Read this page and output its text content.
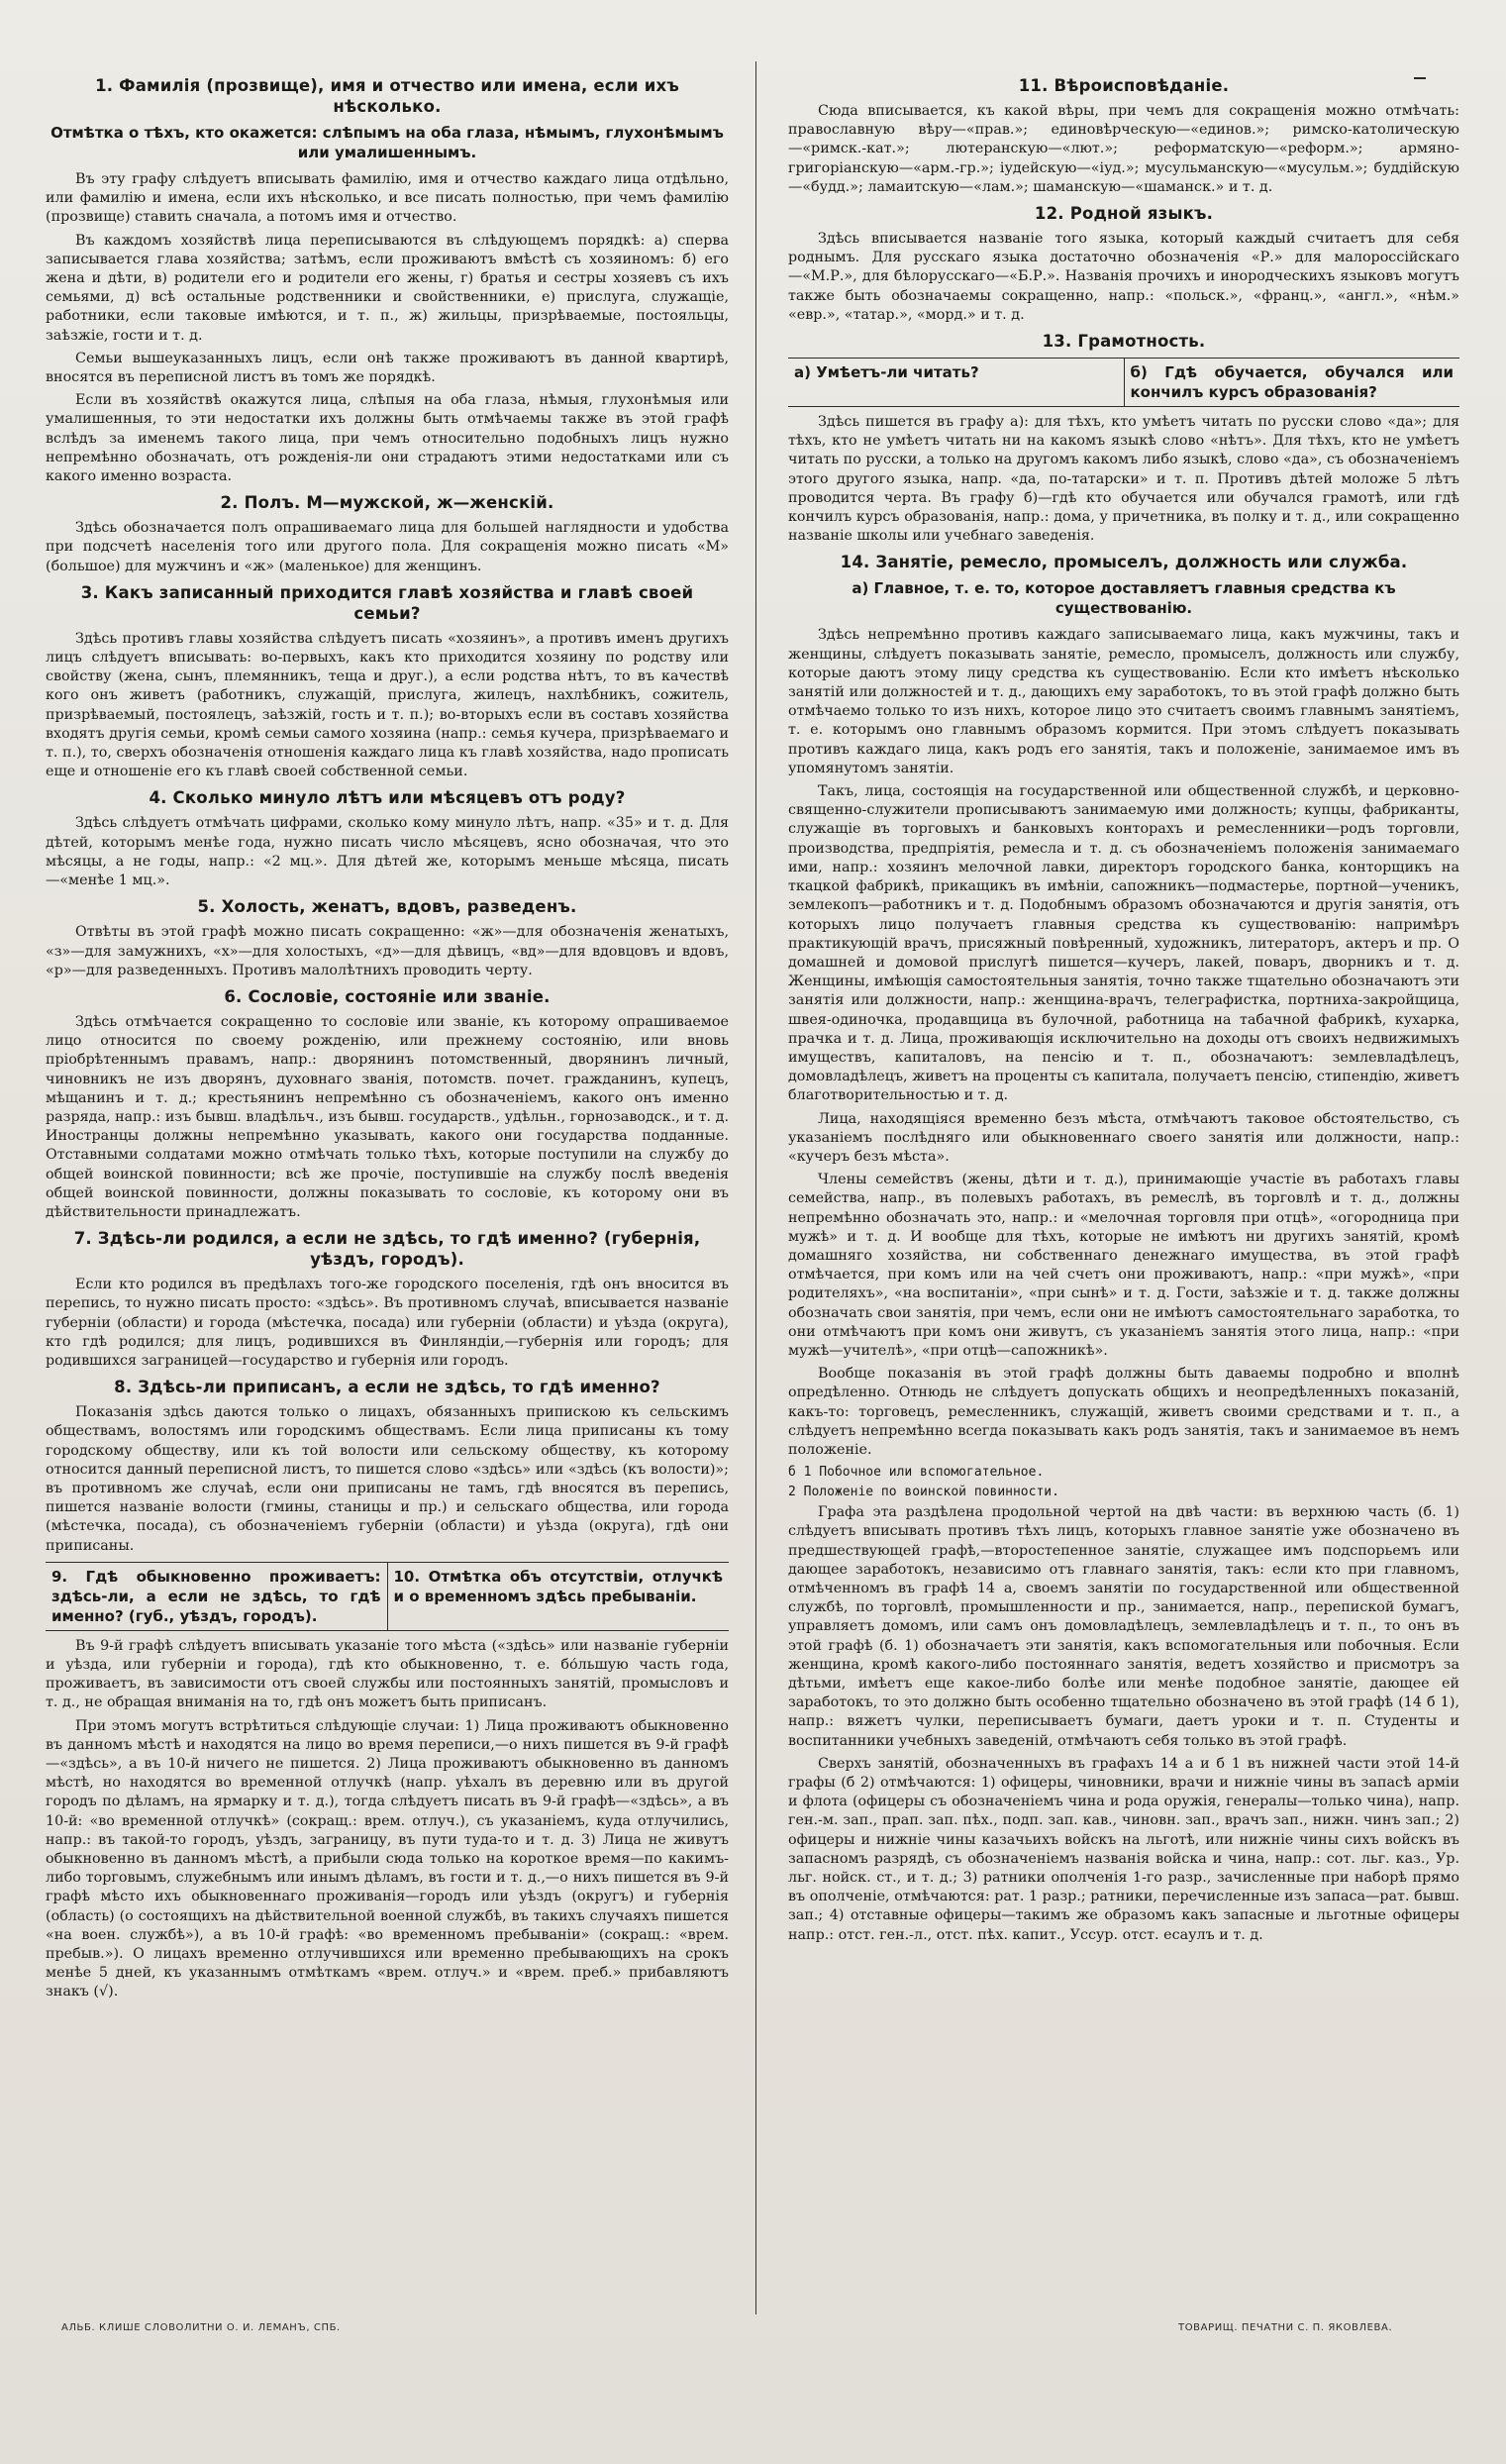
1. Фамилія (прозвище), имя и отчество или имена, если ихъ нѣсколько.
Отмѣтка о тѣхъ, кто окажется: слѣпымъ на оба глаза, нѣмымъ, глухонѣмымъ или умалишеннымъ.

Въ эту графу слѣдуетъ вписывать фамилію, имя и отчество каждаго лица отдѣльно, или фамилію и имена, если ихъ нѣсколько, и все писать полностью, при чемъ фамилію (прозвище) ставить сначала, а потомъ имя и отчество.

Въ каждомъ хозяйствѣ лица переписываются въ слѣдующемъ порядкѣ: а) сперва записывается глава хозяйства; затѣмъ, если проживаютъ вмѣстѣ съ хозяиномъ: б) его жена и дѣти, в) родители его и родители его жены, г) братья и сестры хозяевъ съ ихъ семьями, д) всѣ остальные родственники и свойственники, е) прислуга, служащіе, работники, если таковые имѣются, и т. п., ж) жильцы, призрѣваемые, постояльцы, заѣзжіе, гости и т. д.

Семьи вышеуказанныхъ лицъ, если онѣ также проживаютъ въ данной квартирѣ, вносятся въ переписной листъ въ томъ же порядкѣ.

Если въ хозяйствѣ окажутся лица, слѣпыя на оба глаза, нѣмыя, глухонѣмыя или умалишенныя, то эти недостатки ихъ должны быть отмѣчаемы также въ этой графѣ вслѣдъ за именемъ такого лица, при чемъ относительно подобныхъ лицъ нужно непремѣнно обозначать, отъ рожденія-ли они страдаютъ этими недостатками или съ какого именно возраста.

2. Полъ. М—мужской, ж—женскій.

Здѣсь обозначается полъ опрашиваемаго лица для большей наглядности и удобства при подсчетѣ населенія того или другого пола. Для сокращенія можно писать «М» (большое) для мужчинъ и «ж» (маленькое) для женщинъ.

3. Какъ записанный приходится главѣ хозяйства и главѣ своей семьи?

Здѣсь противъ главы хозяйства слѣдуетъ писать «хозяинъ», а противъ именъ другихъ лицъ слѣдуетъ вписывать: во-первыхъ, какъ кто приходится хозяину по родству или свойству (жена, сынъ, племянникъ, теща и друг.), а если родства нѣтъ, то въ качествѣ кого онъ живетъ (работникъ, служащій, прислуга, жилецъ, нахлѣбникъ, сожитель, призрѣваемый, постоялецъ, заѣзжій, гость и т. п.); во-вторыхъ если въ составъ хозяйства входятъ другія семьи, кромѣ семьи самого хозяина (напр.: семья кучера, призрѣваемаго и т. п.), то, сверхъ обозначенія отношенія каждаго лица къ главѣ хозяйства, надо прописать еще и отношеніе его къ главѣ своей собственной семьи.

4. Сколько минуло лѣтъ или мѣсяцевъ отъ роду?

Здѣсь слѣдуетъ отмѣчать цифрами, сколько кому минуло лѣтъ, напр. «35» и т. д. Для дѣтей, которымъ менѣе года, нужно писать число мѣсяцевъ, ясно обозначая, что это мѣсяцы, а не годы, напр.: «2 мц.». Для дѣтей же, которымъ меньше мѣсяца, писать—«менѣе 1 мц.».

5. Холость, женатъ, вдовъ, разведенъ.

Отвѣты въ этой графѣ можно писать сокращенно: «ж»—для обозначенія женатыхъ, «з»—для замужнихъ, «х»—для холостыхъ, «д»—для дѣвицъ, «вд»—для вдовцовъ и вдовъ, «р»—для разведенныхъ. Противъ малолѣтнихъ проводить черту.

6. Сословіе, состояніе или званіе.

Здѣсь отмѣчается сокращенно то сословіе или званіе, къ которому опрашиваемое лицо относится по своему рожденію, или прежнему состоянію, или вновь пріобрѣтеннымъ правамъ, напр.: дворянинъ потомственный, дворянинъ личный, чиновникъ не изъ дворянъ, духовнаго званія, потомств. почет. гражданинъ, купецъ, мѣщанинъ и т. д.; крестьянинъ непремѣнно съ обозначеніемъ, какого онъ именно разряда, напр.: изъ бывш. владѣльч., изъ бывш. государств., удѣльн., горнозаводск., и т. д. Иностранцы должны непремѣнно указывать, какого они государства подданные. Отставными солдатами можно отмѣчать только тѣхъ, которые поступили на службу до общей воинской повинности; всѣ же прочіе, поступившіе на службу послѣ введенія общей воинской повинности, должны показывать то сословіе, къ которому они въ дѣйствительности принадлежатъ.

7. Здѣсь-ли родился, а если не здѣсь, то гдѣ именно? (губернія, уѣздъ, городъ).

Если кто родился въ предѣлахъ того-же городского поселенія, гдѣ онъ вносится въ перепись, то нужно писать просто: «здѣсь». Въ противномъ случаѣ, вписывается названіе губерніи (области) и города (мѣстечка, посада) или губерніи (области) и уѣзда (округа), кто гдѣ родился; для лицъ, родившихся въ Финляндіи,—губернія или городъ; для родившихся заграницей—государство и губернія или городъ.

8. Здѣсь-ли приписанъ, а если не здѣсь, то гдѣ именно?

Показанія здѣсь даются только о лицахъ, обязанныхъ припискою къ сельскимъ обществамъ, волостямъ или городскимъ обществамъ. Если лица приписаны къ тому городскому обществу, или къ той волости или сельскому обществу, къ которому относится данный переписной листъ, то пишется слово «здѣсь» или «здѣсь (къ волости)»; въ противномъ же случаѣ, если они приписаны не тамъ, гдѣ вносятся въ перепись, пишется названіе волости (гмины, станицы и пр.) и сельскаго общества, или города (мѣстечка, посада), съ обозначеніемъ губерніи (области) и уѣзда (округа), гдѣ они приписаны.

9. Гдѣ обыкновенно проживаетъ: здѣсь-ли, а если не здѣсь, то гдѣ именно? (губ., уѣздъ, городъ).
10. Отмѣтка объ отсутствіи, отлучкѣ и о временномъ здѣсь пребываніи.

Въ 9-й графѣ слѣдуетъ вписывать указаніе того мѣста («здѣсь» или названіе губерніи и уѣзда, или губерніи и города), гдѣ кто обыкновенно, т. е. бо́льшую часть года, проживаетъ, въ зависимости отъ своей службы или постоянныхъ занятій, промысловъ и т. д., не обращая вниманія на то, гдѣ онъ можетъ быть приписанъ.

При этомъ могутъ встрѣтиться слѣдующіе случаи: 1) Лица проживаютъ обыкновенно въ данномъ мѣстѣ и находятся на лицо во время переписи,—о нихъ пишется въ 9-й графѣ—«здѣсь», а въ 10-й ничего не пишется. 2) Лица проживаютъ обыкновенно въ данномъ мѣстѣ, но находятся во временной отлучкѣ (напр. уѣхалъ въ деревню или въ другой городъ по дѣламъ, на ярмарку и т. д.), тогда слѣдуетъ писать въ 9-й графѣ—«здѣсь», а въ 10-й: «во временной отлучкѣ» (сокращ.: врем. отлуч.), съ указаніемъ, куда отлучились, напр.: въ такой-то городъ, уѣздъ, заграницу, въ пути туда-то и т. д. 3) Лица не живутъ обыкновенно въ данномъ мѣстѣ, а прибыли сюда только на короткое время—по какимъ-либо торговымъ, служебнымъ или инымъ дѣламъ, въ гости и т. д.,—о нихъ пишется въ 9-й графѣ мѣсто ихъ обыкновеннаго проживанія—городъ или уѣздъ (округъ) и губернія (область) (о состоящихъ на дѣйствительной военной службѣ, въ такихъ случаяхъ пишется «на воен. службѣ»), а въ 10-й графѣ: «во временномъ пребываніи» (сокращ.: «врем. пребыв.»). О лицахъ временно отлучившихся или временно пребывающихъ на срокъ менѣе 5 дней, къ указаннымъ отмѣткамъ «врем. отлуч.» и «врем. преб.» прибавляютъ знакъ (√).

11. Вѣроисповѣданіе.

Сюда вписывается, къ какой вѣры, при чемъ для сокращенія можно отмѣчать: православную вѣру—«прав.»; единовѣрческую—«единов.»; римско-католическую—«римск.-кат.»; лютеранскую—«лют.»; реформатскую—«реформ.»; армяно-григоріанскую—«арм.-гр.»; іудейскую—«іуд.»; мусульманскую—«мусульм.»; буддійскую—«будд.»; ламаитскую—«лам.»; шаманскую—«шаманск.» и т. д.

12. Родной языкъ.

Здѣсь вписывается названіе того языка, который каждый считаетъ для себя роднымъ. Для русскаго языка достаточно обозначенія «Р.» для малороссійскаго—«М.Р.», для бѣлорусскаго—«Б.Р.». Названія прочихъ и инородческихъ языковъ могутъ также быть обозначаемы сокращенно, напр.: «польск.», «франц.», «англ.», «нѣм.» «евр.», «татар.», «морд.» и т. д.

13. Грамотность.
а) Умѣетъ-ли читать?	б) Гдѣ обучается, обучался или кончилъ курсъ образованія?

Здѣсь пишется въ графу а): для тѣхъ, кто умѣетъ читать по русски слово «да»; для тѣхъ, кто не умѣетъ читать ни на какомъ языкѣ слово «нѣтъ». Для тѣхъ, кто не умѣетъ читать по русски, а только на другомъ какомъ либо языкѣ, слово «да», съ обозначеніемъ этого другого языка, напр. «да, по-татарски» и т. п. Противъ дѣтей моложе 5 лѣтъ проводится черта. Въ графу б)—гдѣ кто обучается или обучался грамотѣ, или гдѣ кончилъ курсъ образованія, напр.: дома, у причетника, въ полку и т. д., или сокращенно названіе школы или учебнаго заведенія.

14. Занятіе, ремесло, промыселъ, должность или служба.
а) Главное, т. е. то, которое доставляетъ главныя средства къ существованію.

Здѣсь непремѣнно противъ каждаго записываемаго лица, какъ мужчины, такъ и женщины, слѣдуетъ показывать занятіе, ремесло, промыселъ, должность или службу, которые даютъ этому лицу средства къ существованію. Если кто имѣетъ нѣсколько занятій или должностей и т. д., дающихъ ему заработокъ, то въ этой графѣ должно быть отмѣчаемо только то изъ нихъ, которое лицо это считаетъ своимъ главнымъ занятіемъ, т. е. которымъ оно главнымъ образомъ кормится. При этомъ слѣдуетъ показывать противъ каждаго лица, какъ родъ его занятія, такъ и положеніе, занимаемое имъ въ упомянутомъ занятіи.

Такъ, лица, состоящія на государственной или общественной службѣ, и церковно-священно-служители прописываютъ занимаемую ими должность; купцы, фабриканты, служащіе въ торговыхъ и банковыхъ конторахъ и ремесленники—родъ торговли, производства, предпріятія, ремесла и т. д. съ обозначеніемъ положенія занимаемаго ими, напр.: хозяинъ мелочной лавки, директоръ городского банка, конторщикъ на ткацкой фабрикѣ, прикащикъ въ имѣніи, сапожникъ—подмастерье, портной—ученикъ, землекопъ—работникъ и т. д. Подобнымъ образомъ обозначаются и другія занятія, отъ которыхъ лицо получаетъ главныя средства къ существованію: напримѣръ практикующій врачъ, присяжный повѣренный, художникъ, литераторъ, актеръ и пр. О домашней и домовой прислугѣ пишется—кучеръ, лакей, поваръ, дворникъ и т. д. Женщины, имѣющія самостоятельныя занятія, точно также тщательно обозначаютъ эти занятія или должности, напр.: женщина-врачъ, телеграфистка, портниха-закройщица, швея-одиночка, продавщица въ булочной, работница на табачной фабрикѣ, кухарка, прачка и т. д. Лица, проживающія исключительно на доходы отъ своихъ недвижимыхъ имуществъ, капиталовъ, на пенсію и т. п., обозначаютъ: землевладѣлецъ, домовладѣлецъ, живетъ на проценты съ капитала, получаетъ пенсію, стипендію, живетъ благотворительностью и т. д.

Лица, находящіяся временно безъ мѣста, отмѣчаютъ таковое обстоятельство, съ указаніемъ послѣдняго или обыкновеннаго своего занятія или должности, напр.: «кучеръ безъ мѣста».

Члены семействъ (жены, дѣти и т. д.), принимающіе участіе въ работахъ главы семейства, напр., въ полевыхъ работахъ, въ ремеслѣ, въ торговлѣ и т. д., должны непремѣнно обозначать это, напр.: и «мелочная торговля при отцѣ», «огородница при мужѣ» и т. д. И вообще для тѣхъ, которые не имѣютъ ни другихъ занятій, кромѣ домашняго хозяйства, ни собственнаго денежнаго имущества, въ этой графѣ отмѣчается, при комъ или на чей счетъ они проживаютъ, напр.: «при мужѣ», «при родителяхъ», «на воспитаніи», «при сынѣ» и т. д. Гости, заѣзжіе и т. д. также должны обозначать свои занятія, при чемъ, если они не имѣютъ самостоятельнаго заработка, то они отмѣчаютъ при комъ они живутъ, съ указаніемъ занятія этого лица, напр.: «при мужѣ—учителѣ», «при отцѣ—сапожникѣ».

Вообще показанія въ этой графѣ должны быть даваемы подробно и вполнѣ опредѣленно. Отнюдь не слѣдуетъ допускать общихъ и неопредѣленныхъ показаній, какъ-то: торговецъ, ремесленникъ, служащій, живетъ своими средствами и т. п., а слѣдуетъ непремѣнно всегда показывать какъ родъ занятія, такъ и занимаемое въ немъ положеніе.

б 1 Побочное или вспомогательное.
2 Положеніе по воинской повинности.

Графа эта раздѣлена продольной чертой на двѣ части: въ верхнюю часть (б. 1) слѣдуетъ вписывать противъ тѣхъ лицъ, которыхъ главное занятіе уже обозначено въ предшествующей графѣ,—второстепенное занятіе, служащее имъ подспорьемъ или дающее заработокъ, независимо отъ главнаго занятія, такъ: если кто при главномъ, отмѣченномъ въ графѣ 14 а, своемъ занятіи по государственной или общественной службѣ, по торговлѣ, промышленности и пр., занимается, напр., перепиской бумагъ, управляетъ домомъ, или самъ онъ домовладѣлецъ, землевладѣлецъ и т. п., то онъ въ этой графѣ (б. 1) обозначаетъ эти занятія, какъ вспомогательныя или побочныя. Если женщина, кромѣ какого-либо постояннаго занятія, ведетъ хозяйство и присмотръ за дѣтьми, имѣетъ еще какое-либо болѣе или менѣе подобное занятіе, дающее ей заработокъ, то это должно быть особенно тщательно обозначено въ этой графѣ (14 б 1), напр.: вяжетъ чулки, переписываетъ бумаги, даетъ уроки и т. п. Студенты и воспитанники учебныхъ заведеній, отмѣчаютъ себя только въ этой графѣ.

Сверхъ занятій, обозначенныхъ въ графахъ 14 а и б 1 въ нижней части этой 14-й графы (б 2) отмѣчаются: 1) офицеры, чиновники, врачи и нижніе чины въ запасѣ арміи и флота (офицеры съ обозначеніемъ чина и рода оружія, генералы—только чина), напр. ген.-м. зап., прап. зап. пѣх., подп. зап. кав., чиновн. зап., врачъ зап., нижн. чинъ зап.; 2) офицеры и нижніе чины казачьихъ войскъ на льготѣ, или нижніе чины сихъ войскъ въ запасномъ разрядѣ, съ обозначеніемъ названія войска и чина, напр.: сот. льг. каз., Ур. льг. нойск. ст., и т. д.; 3) ратники ополченія 1-го разр., зачисленные при наборѣ прямо въ ополченіе, отмѣчаются: рат. 1 разр.; ратники, перечисленные изъ запаса—рат. бывш. зап.; 4) отставные офицеры—такимъ же образомъ какъ запасные и льготные офицеры напр.: отст. ген.-л., отст. пѣх. капит., Уссур. отст. есаулъ и т. д.

АЛЬБ. КЛИШЕ СЛОВОЛИТНИ О. И. ЛЕМАНЪ, СПБ.	ТОВАРИЩ. ПЕЧАТНИ С. П. ЯКОВЛЕВА.
